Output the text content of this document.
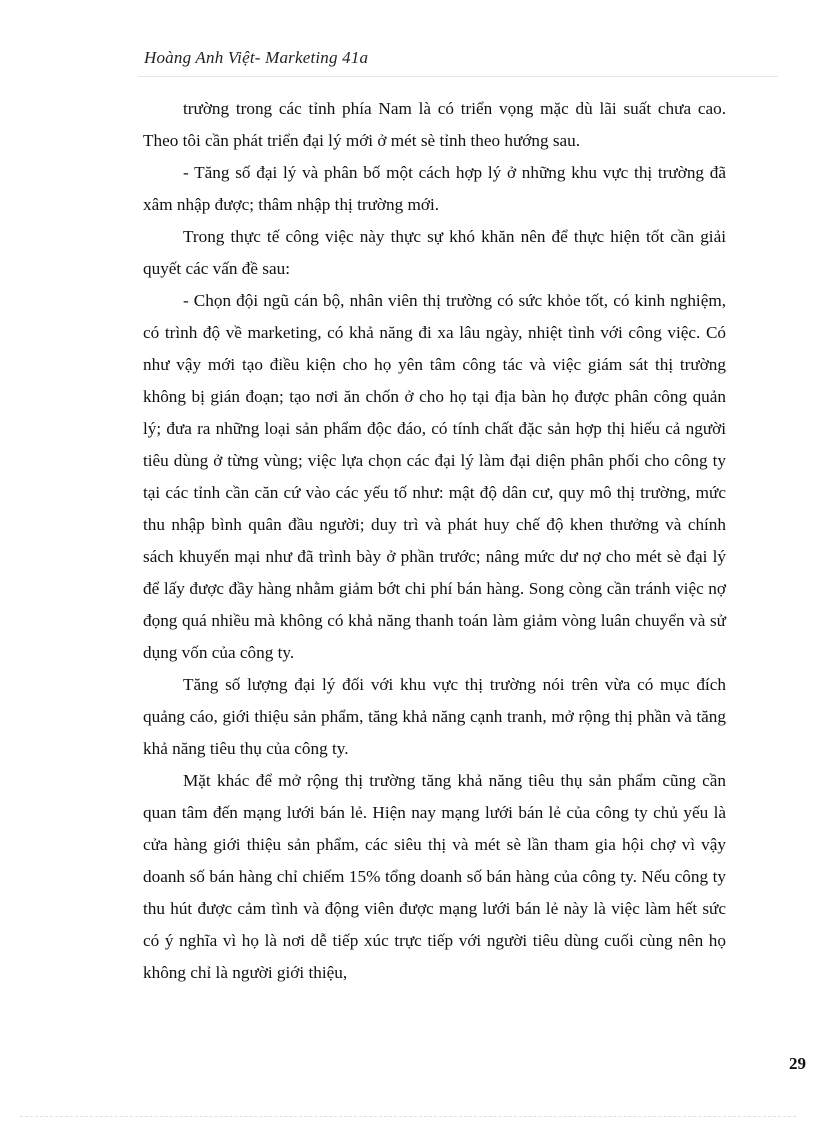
Hoàng Anh Việt- Marketing 41a

trường trong các tỉnh phía Nam là có triển vọng mặc dù lãi suất chưa cao. Theo tôi cần phát triển đại lý mới ở mét sè tỉnh theo hướng sau.

- Tăng số đại lý và phân bố một cách hợp lý ở những khu vực thị trường đã xâm nhập được; thâm nhập thị trường mới.

Trong thực tế công việc này thực sự khó khăn nên để thực hiện tốt cần giải quyết các vấn đề sau:

- Chọn đội ngũ cán bộ, nhân viên thị trường có sức khỏe tốt, có kinh nghiệm, có trình độ về marketing, có khả năng đi xa lâu ngày, nhiệt tình với công việc. Có như vậy mới tạo điều kiện cho họ yên tâm công tác và việc giám sát thị trường không bị gián đoạn; tạo nơi ăn chốn ở cho họ tại địa bàn họ được phân công quản lý; đưa ra những loại sản phẩm độc đáo, có tính chất đặc sản hợp thị hiếu cả người tiêu dùng ở từng vùng; việc lựa chọn các đại lý làm đại diện phân phối cho công ty tại các tỉnh cần căn cứ vào các yếu tố như: mật độ dân cư, quy mô thị trường, mức thu nhập bình quân đầu người; duy trì và phát huy chế độ khen thưởng và chính sách khuyến mại như đã trình bày ở phần trước; nâng mức dư nợ cho mét sè đại lý để lấy được đầy hàng nhằm giảm bớt chi phí bán hàng. Song còng cần tránh việc nợ đọng quá nhiều mà không có khả năng thanh toán làm giảm vòng luân chuyển và sử dụng vốn của công ty.

Tăng số lượng đại lý đối với khu vực thị trường nói trên vừa có mục đích quảng cáo, giới thiệu sản phẩm, tăng khả năng cạnh tranh, mở rộng thị phần và tăng khả năng tiêu thụ của công ty.

Mặt khác để mở rộng thị trường tăng khả năng tiêu thụ sản phẩm cũng cần quan tâm đến mạng lưới bán lẻ. Hiện nay mạng lưới bán lẻ của công ty chủ yếu là cửa hàng giới thiệu sản phẩm, các siêu thị và mét sè lần tham gia hội chợ vì vậy doanh số bán hàng chỉ chiếm 15% tổng doanh số bán hàng của công ty. Nếu công ty thu hút được cảm tình và động viên được mạng lưới bán lẻ này là việc làm hết sức có ý nghĩa vì họ là nơi dễ tiếp xúc trực tiếp với người tiêu dùng cuối cùng nên họ không chỉ là người giới thiệu,

29
